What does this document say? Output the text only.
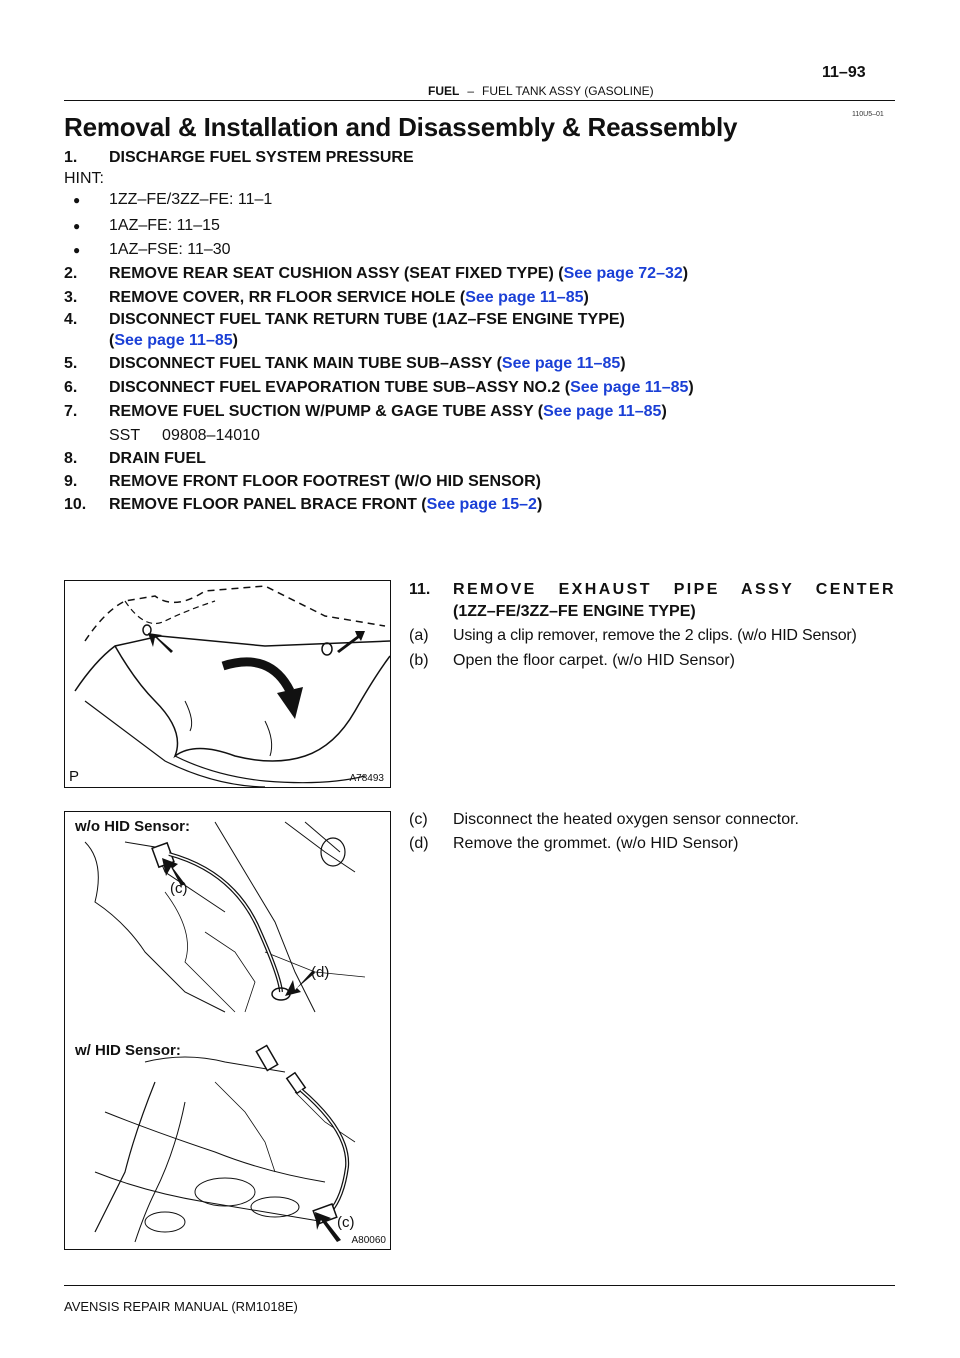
11–93
FUEL – FUEL TANK ASSY (GASOLINE)
110U5–01
Removal & Installation and Disassembly & Reassembly
1. DISCHARGE FUEL SYSTEM PRESSURE
HINT:
● 1ZZ–FE/3ZZ–FE: 11–1
● 1AZ–FE: 11–15
● 1AZ–FSE: 11–30
2. REMOVE REAR SEAT CUSHION ASSY (SEAT FIXED TYPE) (See page 72–32)
3. REMOVE COVER, RR FLOOR SERVICE HOLE (See page 11–85)
4. DISCONNECT FUEL TANK RETURN TUBE (1AZ–FSE ENGINE TYPE)
(See page 11–85)
5. DISCONNECT FUEL TANK MAIN TUBE SUB–ASSY (See page 11–85)
6. DISCONNECT FUEL EVAPORATION TUBE SUB–ASSY NO.2 (See page 11–85)
7. REMOVE FUEL SUCTION W/PUMP & GAGE TUBE ASSY (See page 11–85)
SST     09808–14010
8. DRAIN FUEL
9. REMOVE FRONT FLOOR FOOTREST (W/O HID SENSOR)
10. REMOVE FLOOR PANEL BRACE FRONT (See page 15–2)
11. REMOVE EXHAUST PIPE ASSY CENTER
(1ZZ–FE/3ZZ–FE ENGINE TYPE)
(a) Using a clip remover, remove the 2 clips. (w/o HID Sensor)
(b) Open the floor carpet. (w/o HID Sensor)
(c) Disconnect the heated oxygen sensor connector.
(d) Remove the grommet. (w/o HID Sensor)
A78493
P
w/o HID Sensor:
w/ HID Sensor:
(c)
(d)
(c)
A80060
AVENSIS REPAIR MANUAL (RM1018E)
